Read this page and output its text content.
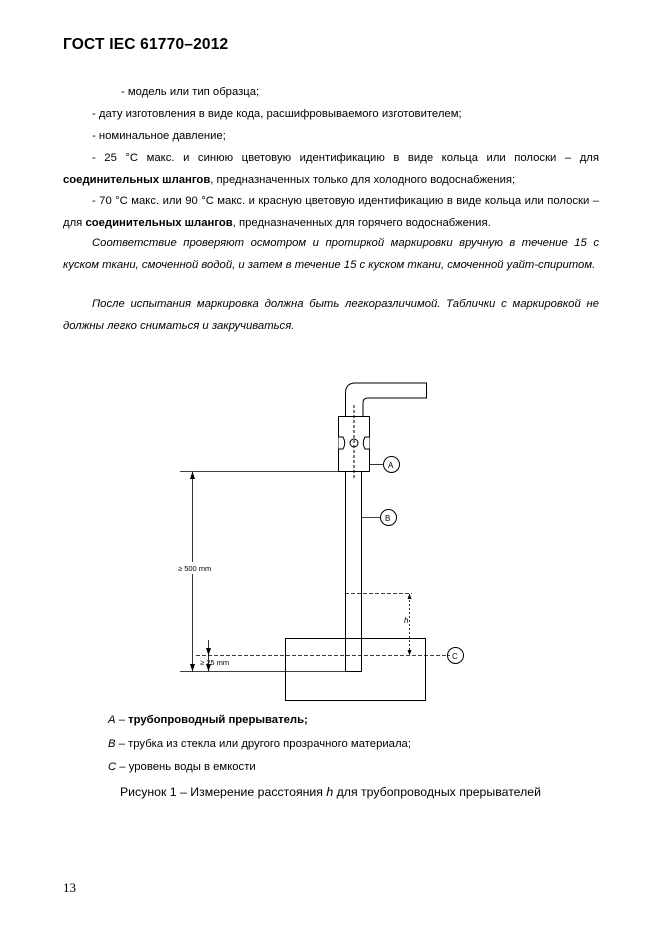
ГОСТ IEC 61770–2012
- модель или тип образца;
- дату изготовления в виде кода, расшифровываемого изготовителем;
- номинальное давление;
- 25 °С макс. и синюю цветовую идентификацию в виде кольца или полоски – для соединительных шлангов, предназначенных только для холодного водоснабжения;
- 70 °С макс. или 90 °С макс. и красную цветовую идентификацию в виде кольца или полоски – для соединительных шлангов, предназначенных для горячего водоснабжения.
Соответствие проверяют осмотром и протиркой маркировки вручную в течение 15 с куском ткани, смоченной водой, и затем в течение 15 с куском ткани, смоченной уайт-спиритом.
После испытания маркировка должна быть легкоразличимой. Таблички с маркировкой не должны легко сниматься и закручиваться.
≥ 500 mm
≥ 25 mm
h
A
B
C
A – трубопроводный прерыватель;
B – трубка из стекла или другого прозрачного материала;
C – уровень воды в емкости
Рисунок 1 – Измерение расстояния h для трубопроводных прерывателей
13
